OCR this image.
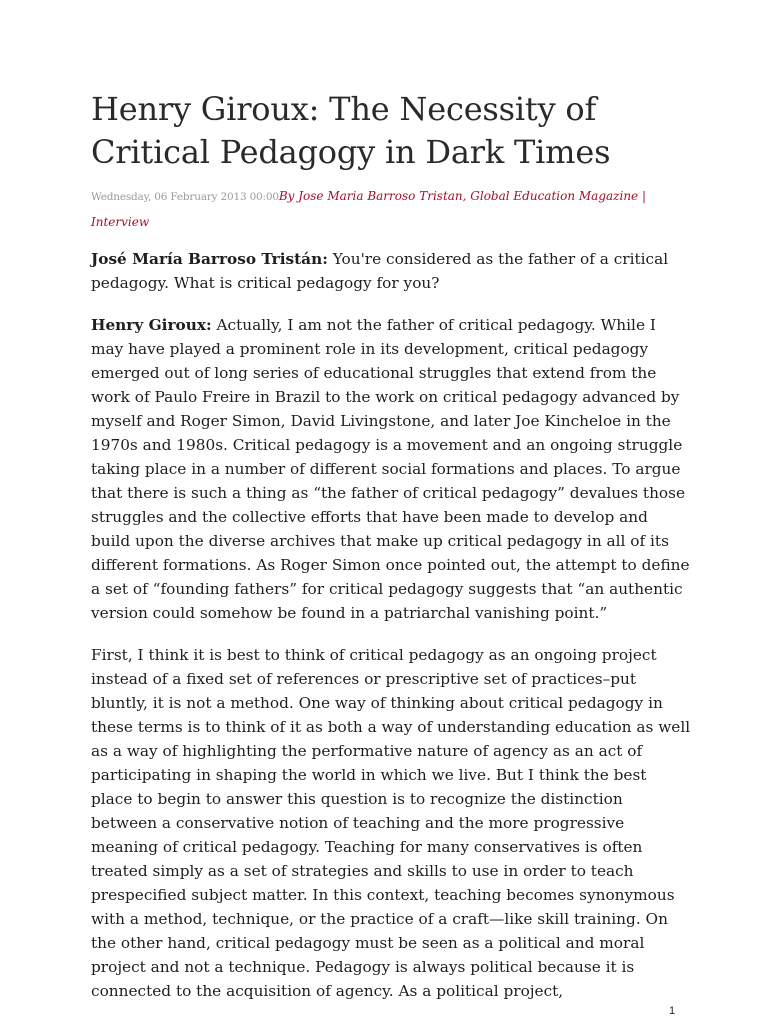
Henry Giroux: The Necessity of Critical Pedagogy in Dark Times
Wednesday, 06 February 2013 00:00By Jose Maria Barroso Tristan, Global Education Magazine | Interview

José María Barroso Tristán: You're considered as the father of a critical pedagogy. What is critical pedagogy for you?

Henry Giroux: Actually, I am not the father of critical pedagogy. While I may have played a prominent role in its development, critical pedagogy emerged out of long series of educational struggles that extend from the work of Paulo Freire in Brazil to the work on critical pedagogy advanced by myself and Roger Simon, David Livingstone, and later Joe Kincheloe in the 1970s and 1980s. Critical pedagogy is a movement and an ongoing struggle taking place in a number of different social formations and places. To argue that there is such a thing as “the father of critical pedagogy” devalues those struggles and the collective efforts that have been made to develop and build upon the diverse archives that make up critical pedagogy in all of its different formations. As Roger Simon once pointed out, the attempt to define a set of “founding fathers” for critical pedagogy suggests that “an authentic version could somehow be found in a patriarchal vanishing point.”

First, I think it is best to think of critical pedagogy as an ongoing project instead of a fixed set of references or prescriptive set of practices–put bluntly, it is not a method. One way of thinking about critical pedagogy in these terms is to think of it as both a way of understanding education as well as a way of highlighting the performative nature of agency as an act of participating in shaping the world in which we live. But I think the best place to begin to answer this question is to recognize the distinction between a conservative notion of teaching and the more progressive meaning of critical pedagogy. Teaching for many conservatives is often treated simply as a set of strategies and skills to use in order to teach prespecified subject matter. In this context, teaching becomes synonymous with a method, technique, or the practice of a craft—like skill training. On the other hand, critical pedagogy must be seen as a political and moral project and not a technique. Pedagogy is always political because it is connected to the acquisition of agency. As a political project,

1
